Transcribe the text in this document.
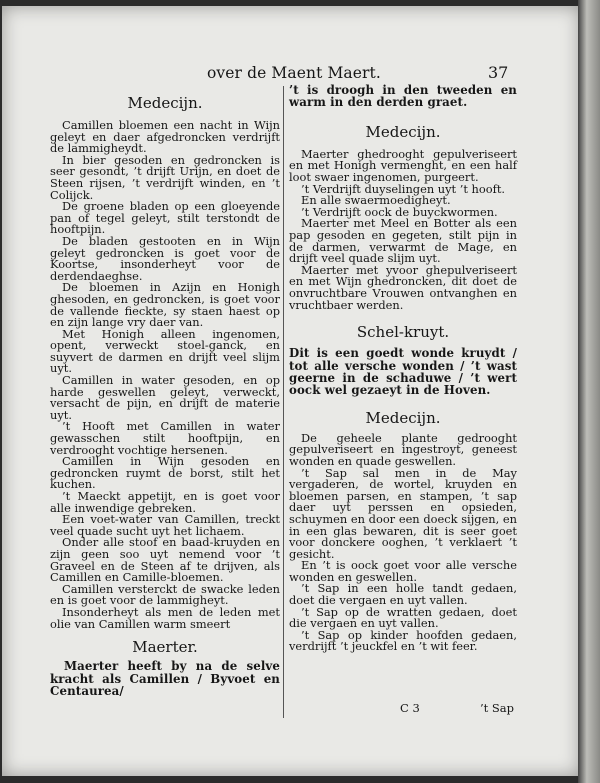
over de Maent Maert.	37
Medecijn.

Camillen bloemen een nacht in Wijn geleyt en daer afgedroncken verdrijft de lammigheydt.

In bier gesoden en gedroncken is seer gesondt, ’t drijft Urijn, en doet de Steen rijsen, ’t verdrijft winden, en ’t Colijck.

De groene bladen op een gloeyende pan of tegel geleyt, stilt terstondt de hooftpijn.

De bladen gestooten en in Wijn geleyt gedroncken is goet voor de Koortse, insonderheyt voor de derdendaeghse.

De bloemen in Azijn en Honigh ghesoden, en gedroncken, is goet voor de vallende fieckte, sy staen haest op en zijn lange vry daer van.

Met Honigh alleen ingenomen, opent, verweckt stoel-ganck, en suyvert de darmen en drijft veel slijm uyt.

Camillen in water gesoden, en op harde geswellen geleyt, verweckt, versacht de pijn, en drijft de materie uyt.

’t Hooft met Camillen in water gewasschen stilt hooftpijn, en verdrooght vochtige hersenen.

Camillen in Wijn gesoden en gedroncken ruymt de borst, stilt het kuchen.

’t Maeckt appetijt, en is goet voor alle inwendige gebreken.

Een voet-water van Camillen, treckt veel quade sucht uyt het lichaem.

Onder alle stoof en baad-kruyden en zijn geen soo uyt nemend voor ’t Graveel en de Steen af te drijven, als Camillen en Camille-bloemen.

Camillen versterckt de swacke leden en is goet voor de lammigheyt.

Insonderheyt als men de leden met olie van Camillen warm smeert

Maerter.

Maerter heeft by na de selve kracht als Camillen / Byvoet en Centaurea/

’t is droogh in den tweeden en warm in den derden graet.

Medecijn.

Maerter ghedrooght gepulveriseert en met Honigh vermenght, en een half loot swaer ingenomen, purgeert.

’t Verdrijft duyselingen uyt ’t hooft.

En alle swaermoedigheyt.

’t Verdrijft oock de buyckwormen.

Maerter met Meel en Botter als een pap gesoden en gegeten, stilt pijn in de darmen, verwarmt de Mage, en drijft veel quade slijm uyt.

Maerter met yvoor ghepulveriseert en met Wijn ghedroncken, dit doet de onvruchtbare Vrouwen ontvanghen en vruchtbaer werden.

Schel-kruyt.

Dit is een goedt wonde kruydt / tot alle versche wonden / ’t wast geerne in de schaduwe / ’t wert oock wel gezaeyt in de Hoven.

Medecijn.

De geheele plante gedrooght gepulveriseert en ingestroyt, geneest wonden en quade geswellen.

’t Sap sal men in de May vergaderen, de wortel, kruyden en bloemen parsen, en stampen, ’t sap daer uyt perssen en opsieden, schuymen en door een doeck sijgen, en in een glas bewaren, dit is seer goet voor donckere ooghen, ’t verklaert ’t gesicht.

En ’t is oock goet voor alle versche wonden en geswellen.

’t Sap in een holle tandt gedaen, doet die vergaen en uyt vallen.

’t Sap op de wratten gedaen, doet die vergaen en uyt vallen.

’t Sap op kinder hoofden gedaen, verdrijft ’t jeuckfel en ’t wit feer.

C 3	’t Sap
